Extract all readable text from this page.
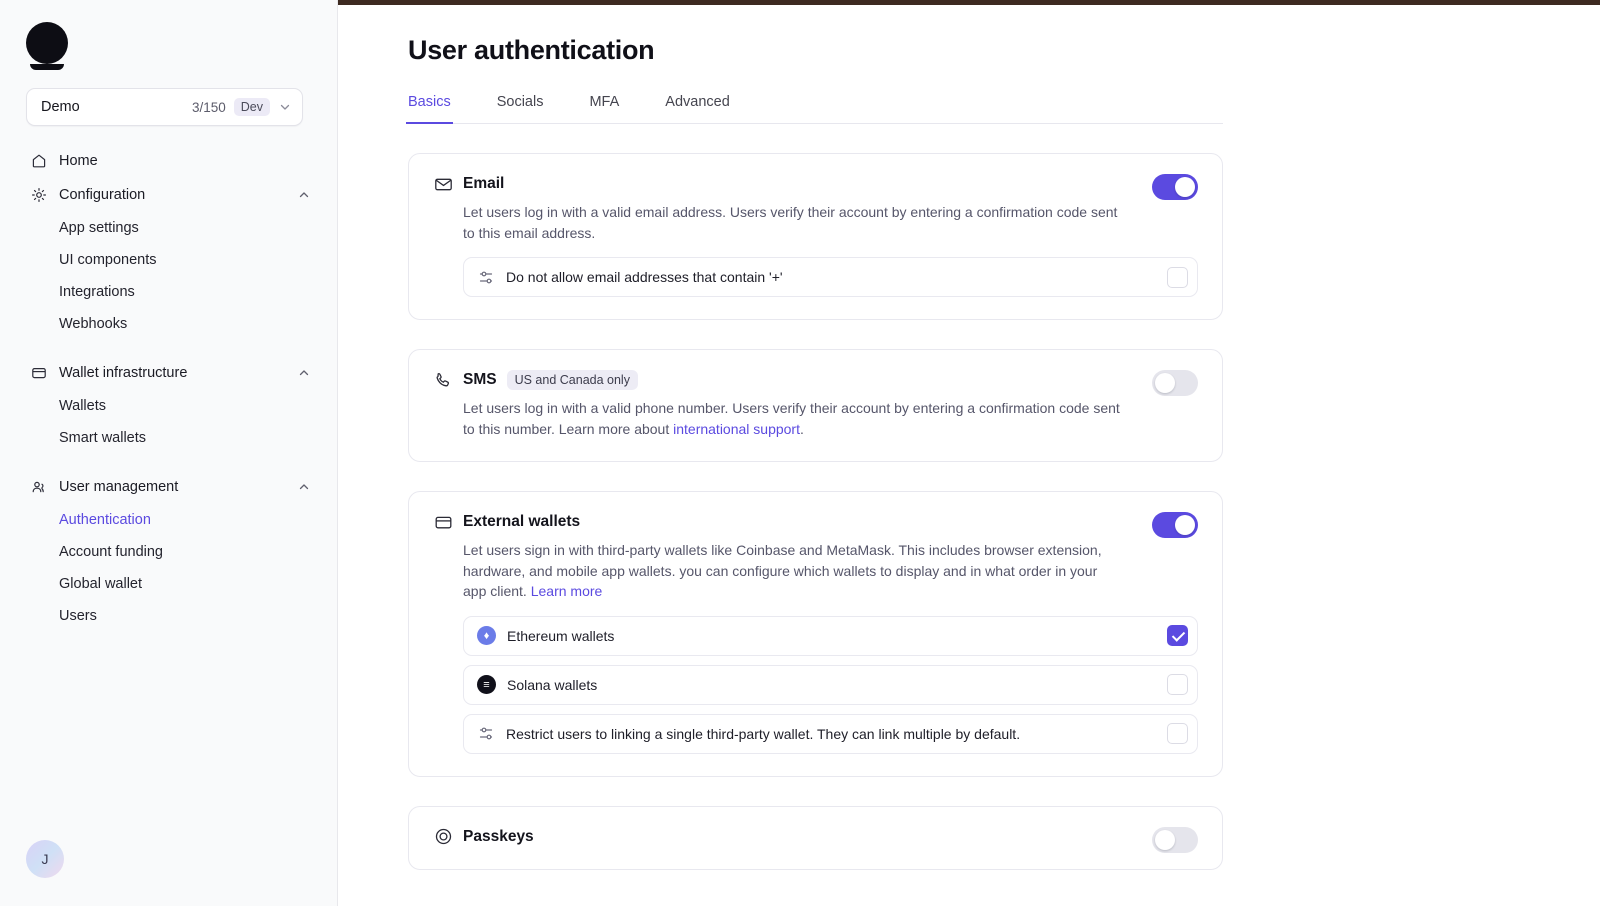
Demo	3/150	Dev
Home
Configuration
App settings
UI components
Integrations
Webhooks
Wallet infrastructure
Wallets
Smart wallets
User management
Authentication
Account funding
Global wallet
Users
J
User authentication
Basics	Socials	MFA	Advanced
Email
Let users log in with a valid email address. Users verify their account by entering a confirmation code sent to this email address.
Do not allow email addresses that contain '+'
SMS	US and Canada only
Let users log in with a valid phone number. Users verify their account by entering a confirmation code sent to this number. Learn more about international support.
External wallets
Let users sign in with third-party wallets like Coinbase and MetaMask. This includes browser extension, hardware, and mobile app wallets. you can configure which wallets to display and in what order in your app client. Learn more
♦	Ethereum wallets
≡	Solana wallets
Restrict users to linking a single third-party wallet. They can link multiple by default.
Passkeys
